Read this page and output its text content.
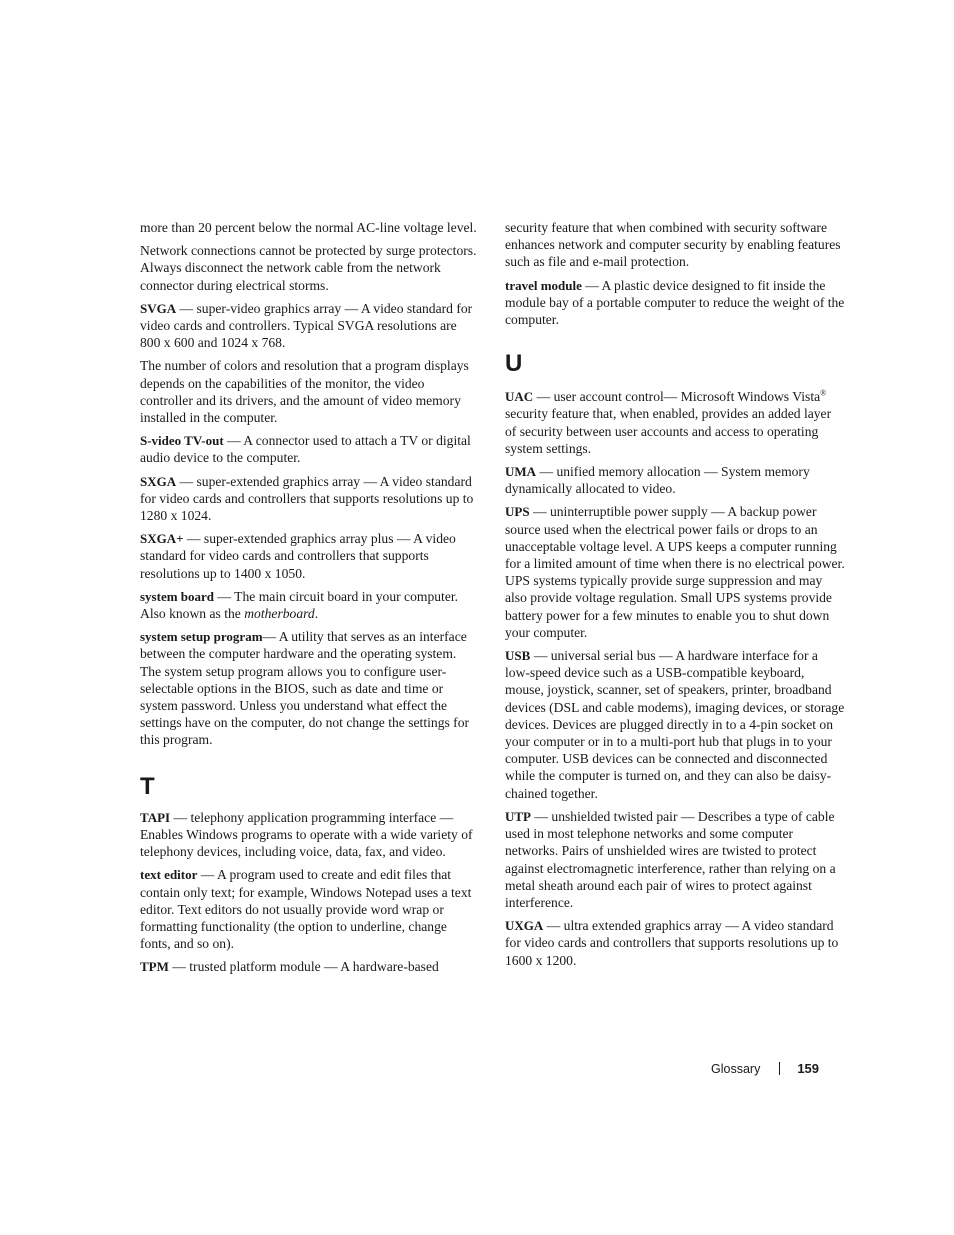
more than 20 percent below the normal AC-line voltage level.

Network connections cannot be protected by surge protectors. Always disconnect the network cable from the network connector during electrical storms.

SVGA — super-video graphics array — A video standard for video cards and controllers. Typical SVGA resolutions are 800 x 600 and 1024 x 768.

The number of colors and resolution that a program displays depends on the capabilities of the monitor, the video controller and its drivers, and the amount of video memory installed in the computer.

S-video TV-out — A connector used to attach a TV or digital audio device to the computer.

SXGA — super-extended graphics array — A video standard for video cards and controllers that supports resolutions up to 1280 x 1024.

SXGA+ — super-extended graphics array plus — A video standard for video cards and controllers that supports resolutions up to 1400 x 1050.

system board — The main circuit board in your computer. Also known as the motherboard.

system setup program— A utility that serves as an interface between the computer hardware and the operating system. The system setup program allows you to configure user-selectable options in the BIOS, such as date and time or system password. Unless you understand what effect the settings have on the computer, do not change the settings for this program.

T

TAPI — telephony application programming interface — Enables Windows programs to operate with a wide variety of telephony devices, including voice, data, fax, and video.

text editor — A program used to create and edit files that contain only text; for example, Windows Notepad uses a text editor. Text editors do not usually provide word wrap or formatting functionality (the option to underline, change fonts, and so on).

TPM — trusted platform module — A hardware-based

security feature that when combined with security software enhances network and computer security by enabling features such as file and e-mail protection.

travel module — A plastic device designed to fit inside the module bay of a portable computer to reduce the weight of the computer.

U

UAC — user account control— Microsoft Windows Vista® security feature that, when enabled, provides an added layer of security between user accounts and access to operating system settings.

UMA — unified memory allocation — System memory dynamically allocated to video.

UPS — uninterruptible power supply — A backup power source used when the electrical power fails or drops to an unacceptable voltage level. A UPS keeps a computer running for a limited amount of time when there is no electrical power. UPS systems typically provide surge suppression and may also provide voltage regulation. Small UPS systems provide battery power for a few minutes to enable you to shut down your computer.

USB — universal serial bus — A hardware interface for a low-speed device such as a USB-compatible keyboard, mouse, joystick, scanner, set of speakers, printer, broadband devices (DSL and cable modems), imaging devices, or storage devices. Devices are plugged directly in to a 4-pin socket on your computer or in to a multi-port hub that plugs in to your computer. USB devices can be connected and disconnected while the computer is turned on, and they can also be daisy-chained together.

UTP — unshielded twisted pair — Describes a type of cable used in most telephone networks and some computer networks. Pairs of unshielded wires are twisted to protect against electromagnetic interference, rather than relying on a metal sheath around each pair of wires to protect against interference.

UXGA — ultra extended graphics array — A video standard for video cards and controllers that supports resolutions up to 1600 x 1200.

Glossary	159
